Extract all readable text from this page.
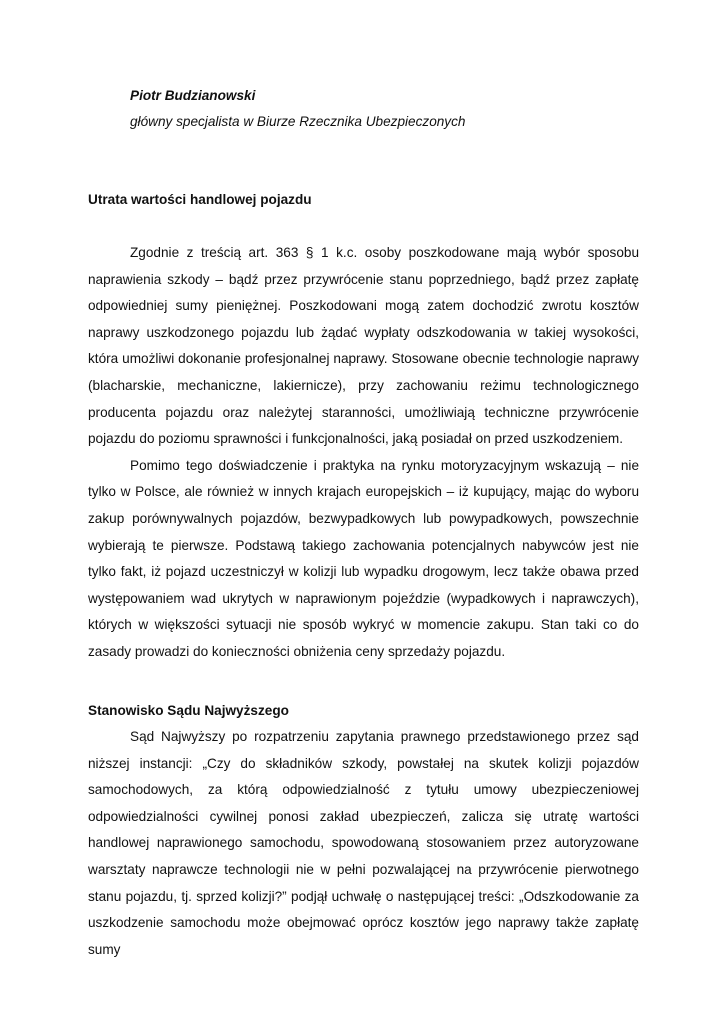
Piotr Budzianowski

główny specjalista w Biurze Rzecznika Ubezpieczonych

Utrata wartości handlowej pojazdu

Zgodnie z treścią art. 363 § 1 k.c. osoby poszkodowane mają wybór sposobu naprawienia szkody – bądź przez przywrócenie stanu poprzedniego, bądź przez zapłatę odpowiedniej sumy pieniężnej. Poszkodowani mogą zatem dochodzić zwrotu kosztów naprawy uszkodzonego pojazdu lub żądać wypłaty odszkodowania w takiej wysokości, która umożliwi dokonanie profesjonalnej naprawy. Stosowane obecnie technologie naprawy (blacharskie, mechaniczne, lakiernicze), przy zachowaniu reżimu technologicznego producenta pojazdu oraz należytej staranności, umożliwiają techniczne przywrócenie pojazdu do poziomu sprawności i funkcjonalności, jaką posiadał on przed uszkodzeniem.

Pomimo tego doświadczenie i praktyka na rynku motoryzacyjnym wskazują – nie tylko w Polsce, ale również w innych krajach europejskich – iż kupujący, mając do wyboru zakup porównywalnych pojazdów, bezwypadkowych lub powypadkowych, powszechnie wybierają te pierwsze. Podstawą takiego zachowania potencjalnych nabywców jest nie tylko fakt, iż pojazd uczestniczył w kolizji lub wypadku drogowym, lecz także obawa przed występowaniem wad ukrytych w naprawionym pojeździe (wypadkowych i naprawczych), których w większości sytuacji nie sposób wykryć w momencie zakupu. Stan taki co do zasady prowadzi do konieczności obniżenia ceny sprzedaży pojazdu.

Stanowisko Sądu Najwyższego

Sąd Najwyższy po rozpatrzeniu zapytania prawnego przedstawionego przez sąd niższej instancji: „Czy do składników szkody, powstałej na skutek kolizji pojazdów samochodowych, za którą odpowiedzialność z tytułu umowy ubezpieczeniowej odpowiedzialności cywilnej ponosi zakład ubezpieczeń, zalicza się utratę wartości handlowej naprawionego samochodu, spowodowaną stosowaniem przez autoryzowane warsztaty naprawcze technologii nie w pełni pozwalającej na przywrócenie pierwotnego stanu pojazdu, tj. sprzed kolizji?” podjął uchwałę o następującej treści: „Odszkodowanie za uszkodzenie samochodu może obejmować oprócz kosztów jego naprawy także zapłatę sumy
